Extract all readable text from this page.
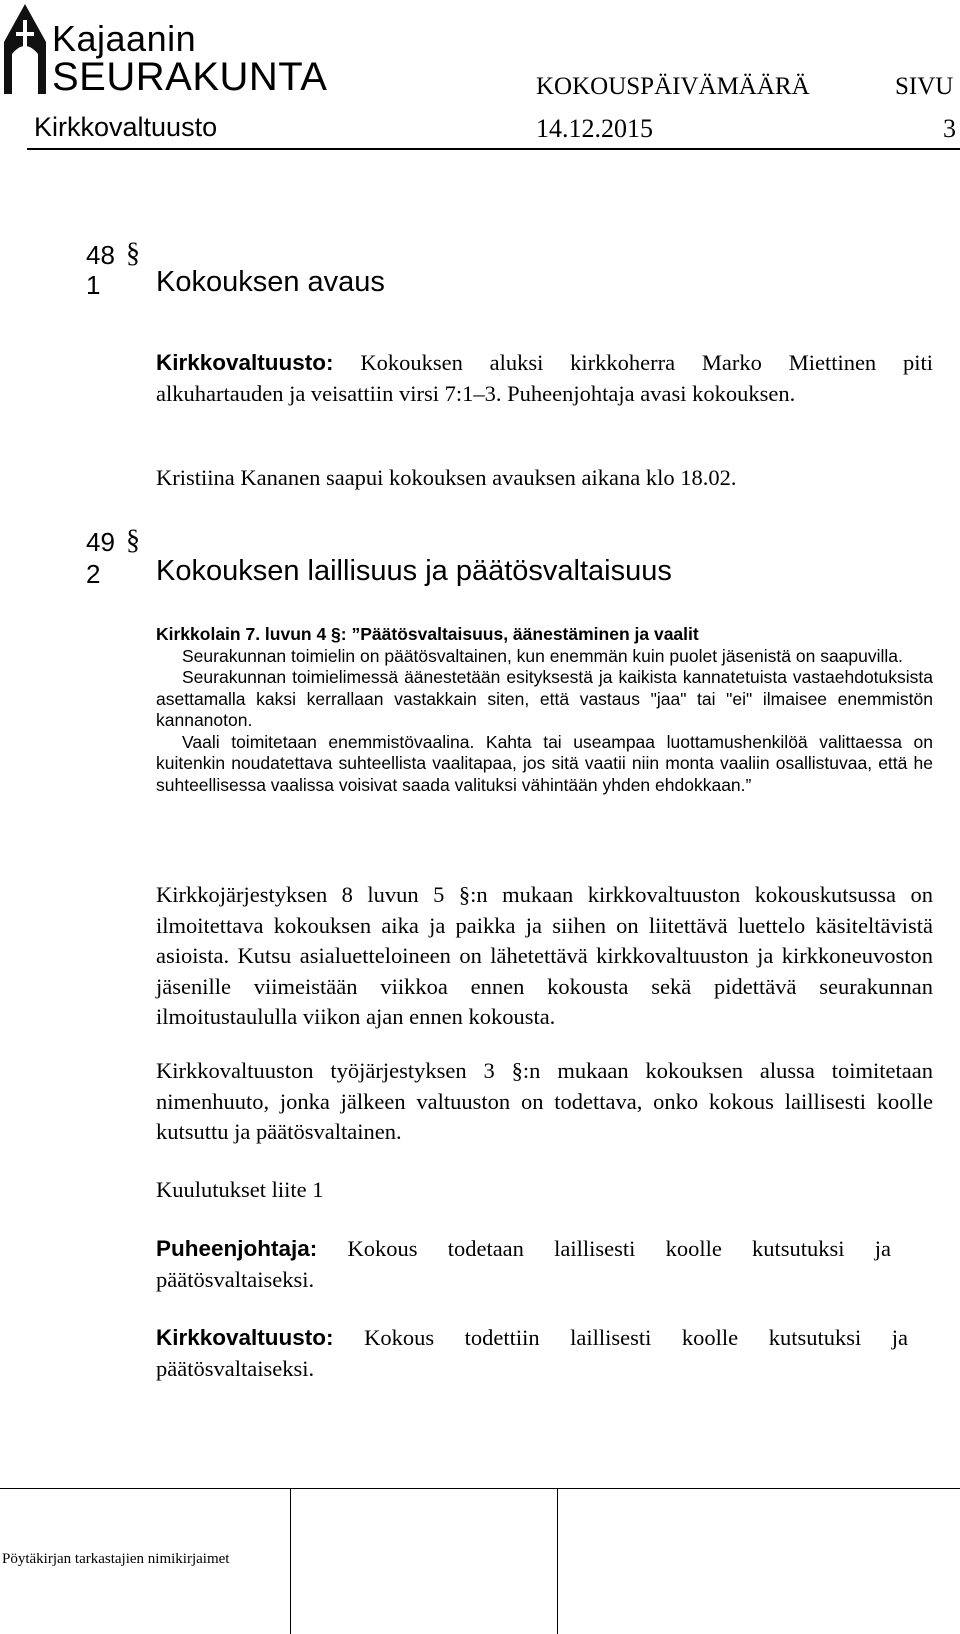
Kajaanin
SEURAKUNTA	KOKOUSPÄIVÄMÄÄRÄ	SIVU
Kirkkovaltuusto	14.12.2015	3
48 §
1 Kokouksen avaus
Kirkkovaltuusto: Kokouksen aluksi kirkkoherra Marko Miettinen piti alkuhartauden ja veisattiin virsi 7:1–3. Puheenjohtaja avasi kokouksen.
Kristiina Kananen saapui kokouksen avauksen aikana klo 18.02.
49 §
2 Kokouksen laillisuus ja päätösvaltaisuus
Kirkkolain 7. luvun 4 §: ”Päätösvaltaisuus, äänestäminen ja vaalit
Seurakunnan toimielin on päätösvaltainen, kun enemmän kuin puolet jäsenistä on saapuvilla.
Seurakunnan toimielimessä äänestetään esityksestä ja kaikista kannatetuista vastaehdotuksista asettamalla kaksi kerrallaan vastakkain siten, että vastaus "jaa" tai "ei" ilmaisee enemmistön kannanoton.
Vaali toimitetaan enemmistövaalina. Kahta tai useampaa luottamushenkilöä valittaessa on kuitenkin noudatettava suhteellista vaalitapaa, jos sitä vaatii niin monta vaaliin osallistuvaa, että he suhteellisessa vaalissa voisivat saada valituksi vähintään yhden ehdokkaan.”
Kirkkojärjestyksen 8 luvun 5 §:n mukaan kirkkovaltuuston kokouskutsussa on ilmoitettava kokouksen aika ja paikka ja siihen on liitettävä luettelo käsiteltävistä asioista. Kutsu asialuetteloineen on lähetettävä kirkkovaltuuston ja kirkkoneuvoston jäsenille viimeistään viikkoa ennen kokousta sekä pidettävä seurakunnan ilmoitustaululla viikon ajan ennen kokousta.
Kirkkovaltuuston työjärjestyksen 3 §:n mukaan kokouksen alussa toimitetaan nimenhuuto, jonka jälkeen valtuuston on todettava, onko kokous laillisesti koolle kutsuttu ja päätösvaltainen.
Kuulutukset liite 1
Puheenjohtaja: Kokous todetaan laillisesti koolle kutsutuksi ja päätösvaltaiseksi.
Kirkkovaltuusto: Kokous todettiin laillisesti koolle kutsutuksi ja päätösvaltaiseksi.
Pöytäkirjan tarkastajien nimikirjaimet
